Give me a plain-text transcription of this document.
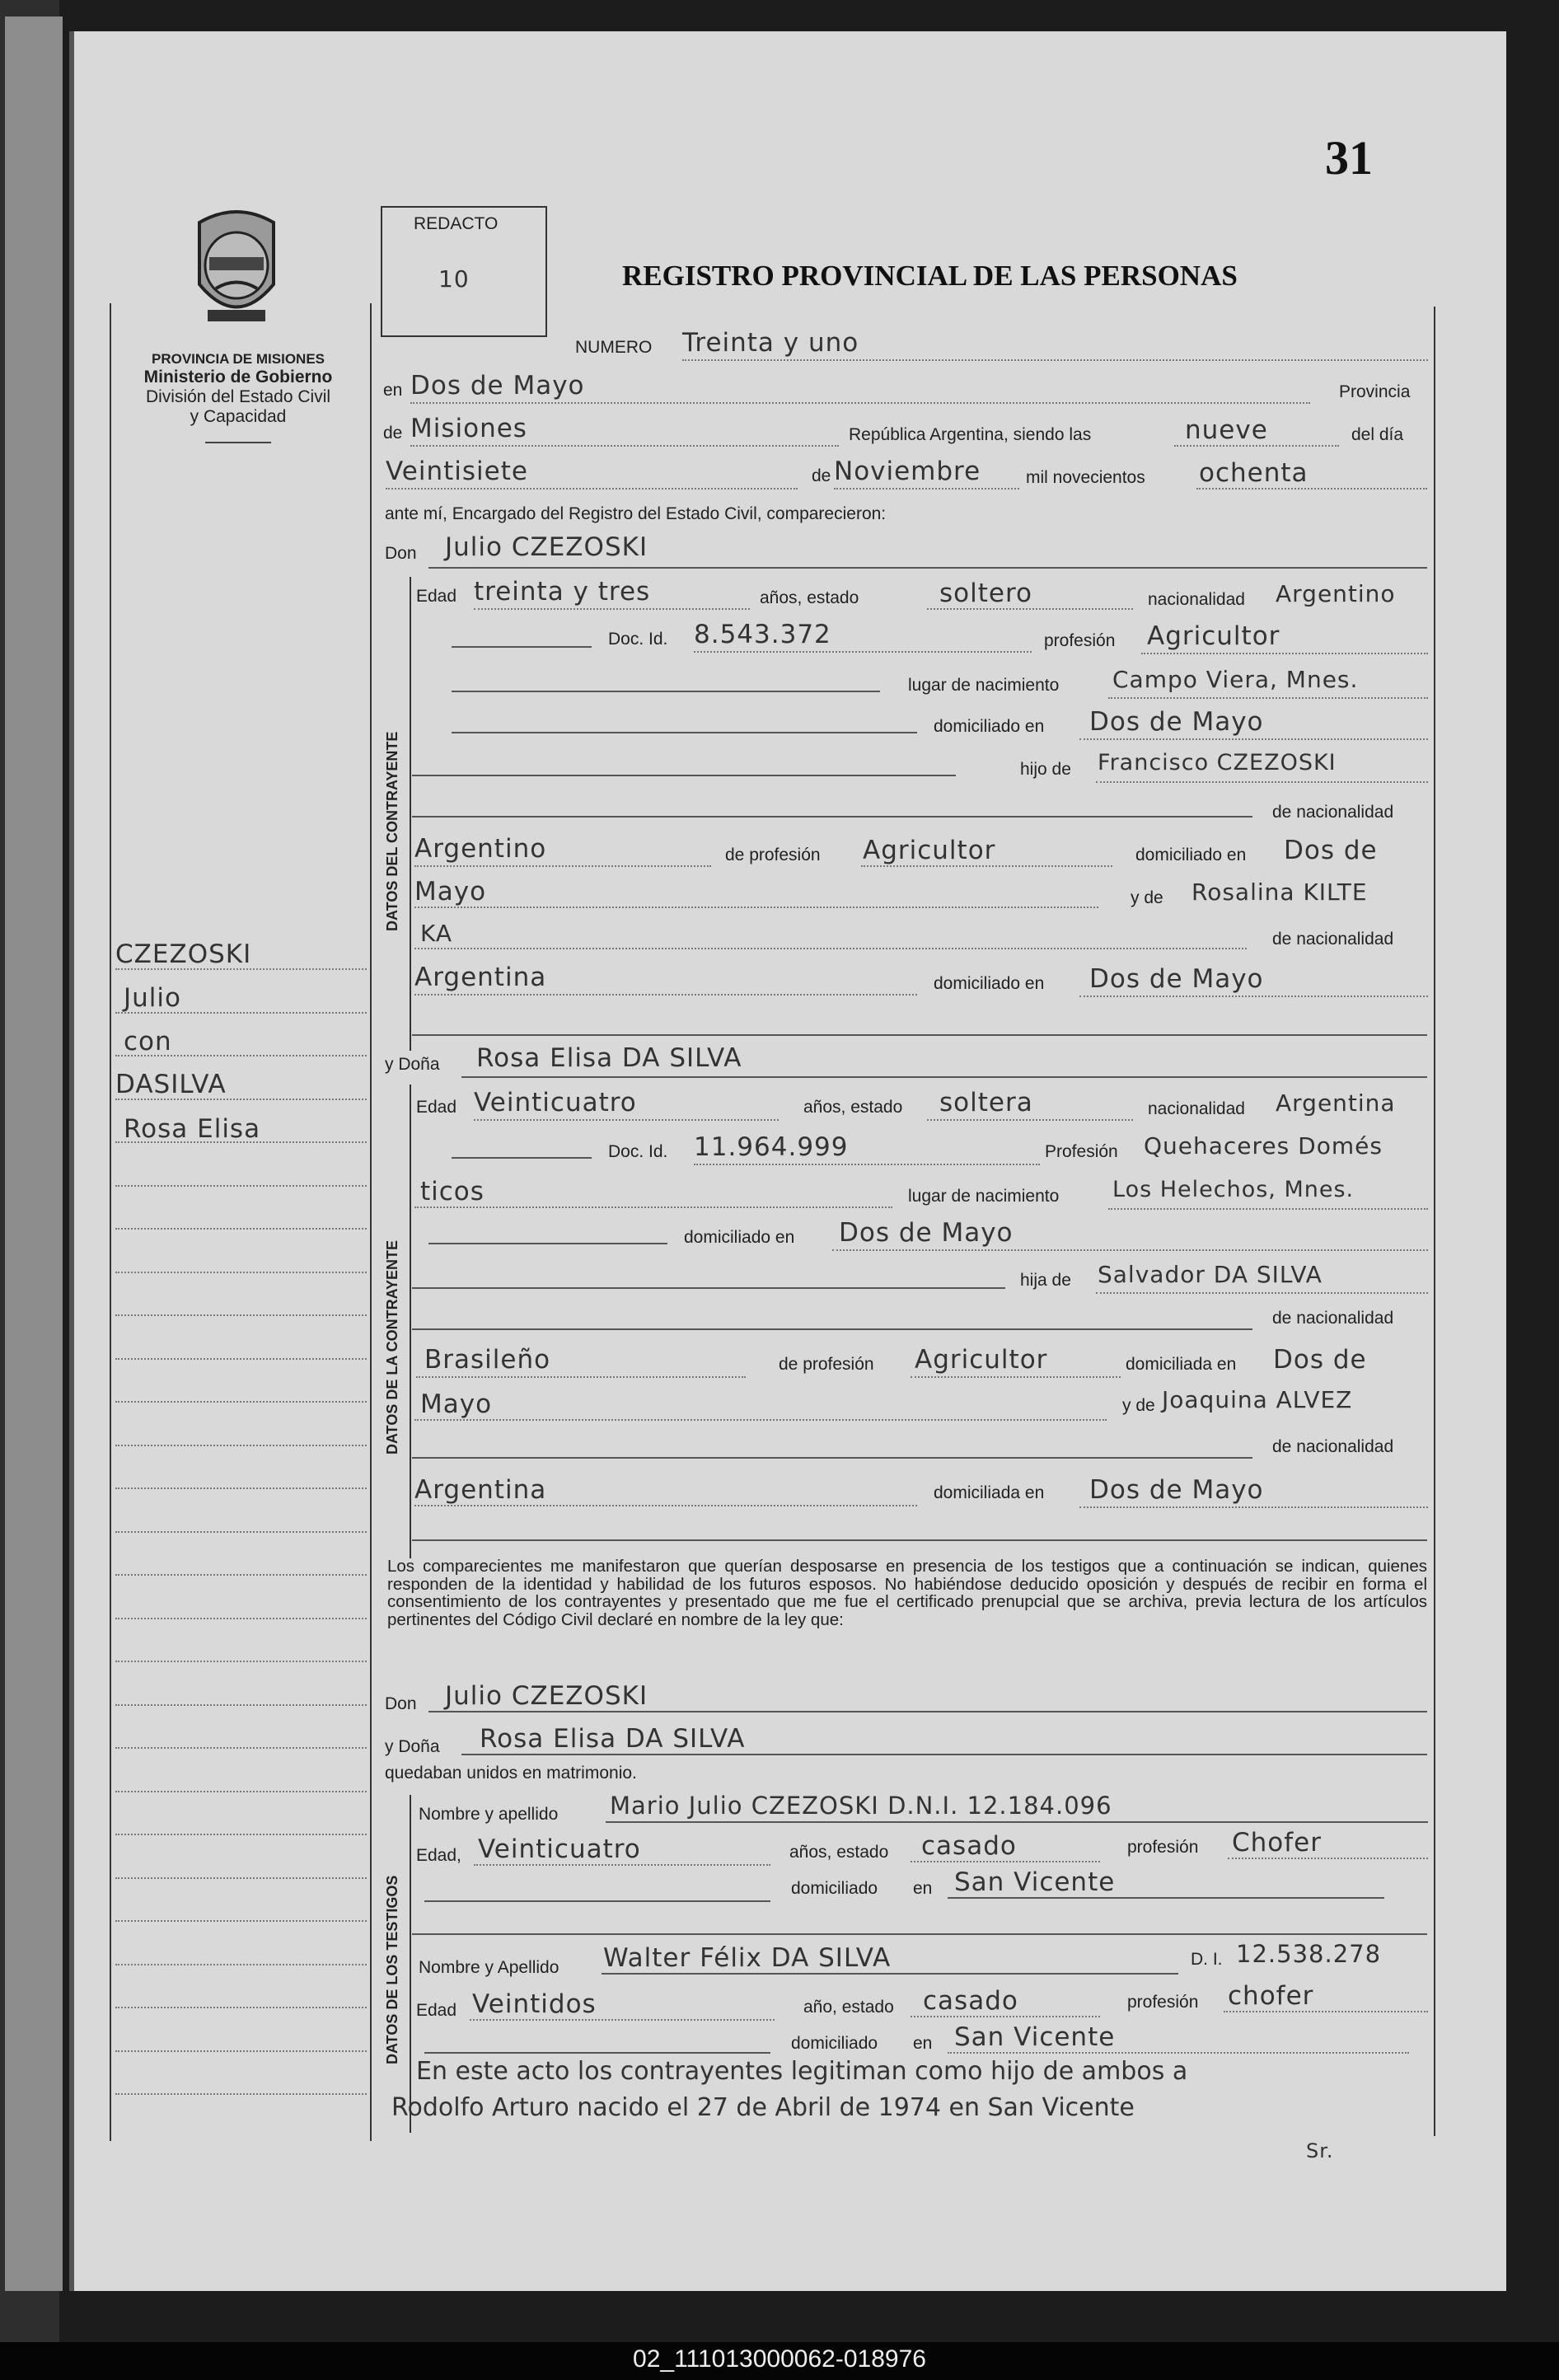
31
PROVINCIA DE MISIONES
Ministerio de Gobierno
División del Estado Civil
y Capacidad
CZEZOSKI
Julio
con
DASILVA
Rosa Elisa
REDACTO
10	REGISTRO PROVINCIAL DE LAS PERSONAS
NUMERO Treinta y uno
en Dos de Mayo	Provincia
de Misiones	República Argentina, siendo las	nueve	del día
Veintisiete	de Noviembre	mil novecientos ochenta
ante mí, Encargado del Registro del Estado Civil, comparecieron:
Don Julio CZEZOSKI
DATOS DEL CONTRAYENTE
Edad treinta y tres	años, estado	soltero	nacionalidad Argentino
Doc. Id. 8.543.372	profesión Agricultor
lugar de nacimiento Campo Viera, Mnes.
domiciliado en Dos de Mayo
hijo de Francisco CZEZOSKI
de nacionalidad
Argentino	de profesión Agricultor	domiciliado en Dos de
Mayo	y de Rosalina KILTE
KA	de nacionalidad
Argentina	domiciliado en Dos de Mayo
y Doña Rosa Elisa DA SILVA
DATOS DE LA CONTRAYENTE
Edad Veinticuatro	años, estado soltera	nacionalidad Argentina
Doc. Id. 11.964.999	Profesión Quehaceres Domés
ticos	lugar de nacimiento Los Helechos, Mnes.
domiciliado en Dos de Mayo
hija de Salvador DA SILVA
de nacionalidad
Brasileño	de profesión Agricultor	domiciliada en Dos de
Mayo	y de Joaquina ALVEZ
de nacionalidad
Argentina	domiciliada en Dos de Mayo
Los comparecientes me manifestaron que querían desposarse en presencia de los testigos que a continuación se indican, quienes responden de la identidad y habilidad de los futuros esposos. No habiéndose deducido oposición y después de recibir en forma el consentimiento de los contrayentes y presentado que me fue el certificado prenupcial que se archiva, previa lectura de los artículos pertinentes del Código Civil declaré en nombre de la ley que:
Don Julio CZEZOSKI
y Doña Rosa Elisa DA SILVA
quedaban unidos en matrimonio.
DATOS DE LOS TESTIGOS
Nombre y apellido Mario Julio CZEZOSKI D.N.I. 12.184.096
Edad, Veinticuatro	años, estado casado	profesión Chofer
domiciliado en San Vicente
Nombre y Apellido Walter Félix DA SILVA	D. I. 12.538.278
Edad Veintidos	año, estado casado	profesión chofer
domiciliado en San Vicente
En este acto los contrayentes legitiman como hijo de ambos a
Rodolfo Arturo nacido el 27 de Abril de 1974 en San Vicente
Sr.
02_111013000062-018976
